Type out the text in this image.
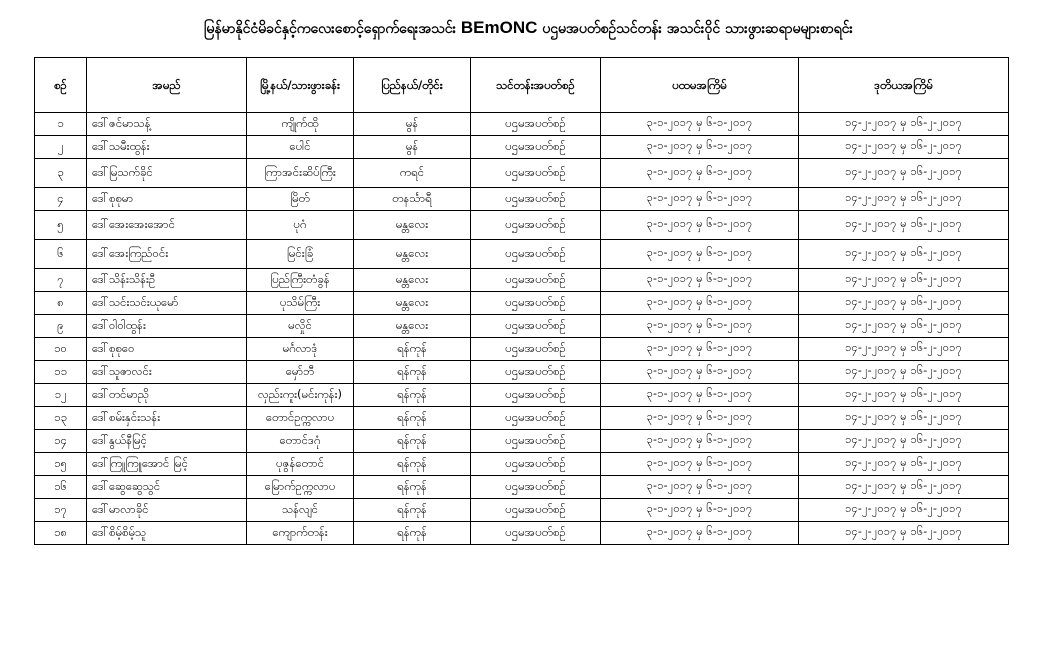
မြန်မာနိုင်ငံမိခင်နှင့်ကလေးစောင့်ရှောက်ရေးအသင်း BEmONC ပဌမအပတ်စဉ်သင်တန်း အသင်းဝိုင် သားဖွားဆရာမများစာရင်း
စဉ်	အမည်	မြို့နယ်/သားဖွားခန်း	ပြည်နယ်/တိုင်း	သင်တန်းအပတ်စဉ်	ပထမအကြိမ်	ဒုတိယအကြိမ်
၁	ဒေါ်ဇင်မာသန့်	ကျိုက်ထို	မွန်	ပဌမအပတ်စဉ်	၃-၁-၂၀၁၇ မှ ၆-၁-၂၀၁၇	၁၄-၂-၂၀၁၇ မှ ၁၆-၂-၂၀၁၇
၂	ဒေါ်သမီးထွန်း	ပေါင်	မွန်	ပဌမအပတ်စဉ်	၃-၁-၂၀၁၇ မှ ၆-၁-၂၀၁၇	၁၄-၂-၂၀၁၇ မှ ၁၆-၂-၂၀၁၇
၃	ဒေါ်မြသက်ခိုင်	ကြာအင်းဆိပ်ကြီး	ကရင်	ပဌမအပတ်စဉ်	၃-၁-၂၀၁၇ မှ ၆-၁-၂၀၁၇	၁၄-၂-၂၀၁၇ မှ ၁၆-၂-၂၀၁၇
၄	ဒေါ်စုစုမာ	မြိတ်	တနင်္သာရီ	ပဌမအပတ်စဉ်	၃-၁-၂၀၁၇ မှ ၆-၁-၂၀၁၇	၁၄-၂-၂၀၁၇ မှ ၁၆-၂-၂၀၁၇
၅	ဒေါ်အေးအေးအောင်	ပုဂံ	မန္တလေး	ပဌမအပတ်စဉ်	၃-၁-၂၀၁၇ မှ ၆-၁-၂၀၁၇	၁၄-၂-၂၀၁၇ မှ ၁၆-၂-၂၀၁၇
၆	ဒေါ်အေးကြည်ဝင်း	မြင်းခြံ	မန္တလေး	ပဌမအပတ်စဉ်	၃-၁-၂၀၁၇ မှ ၆-၁-၂၀၁၇	၁၄-၂-၂၀၁၇ မှ ၁၆-၂-၂၀၁၇
၇	ဒေါ်သိန်းသိန်းဦ	ပြည်ကြီးတံခွန်	မန္တလေး	ပဌမအပတ်စဉ်	၃-၁-၂၀၁၇ မှ ၆-၁-၂၀၁၇	၁၄-၂-၂၀၁၇ မှ ၁၆-၂-၂၀၁၇
၈	ဒေါ်သင်းသင်းယုမော်	ပုသိမ်ကြီး	မန္တလေး	ပဌမအပတ်စဉ်	၃-၁-၂၀၁၇ မှ ၆-၁-၂၀၁၇	၁၄-၂-၂၀၁၇ မှ ၁၆-၂-၂၀၁၇
၉	ဒေါ်ဝါဝါထွန်း	မလှိုင်	မန္တလေး	ပဌမအပတ်စဉ်	၃-၁-၂၀၁၇ မှ ၆-၁-၂၀၁၇	၁၄-၂-၂၀၁၇ မှ ၁၆-၂-၂၀၁၇
၁၀	ဒေါ်စုစုဝေ	မင်္ဂလာဒုံ	ရန်ကုန်	ပဌမအပတ်စဉ်	၃-၁-၂၀၁၇ မှ ၆-၁-၂၀၁၇	၁၄-၂-၂၀၁၇ မှ ၁၆-၂-၂၀၁၇
၁၁	ဒေါ်သူဇာလင်း	မှော်ဘီ	ရန်ကုန်	ပဌမအပတ်စဉ်	၃-၁-၂၀၁၇ မှ ၆-၁-၂၀၁၇	၁၄-၂-၂၀၁၇ မှ ၁၆-၂-၂၀၁၇
၁၂	ဒေါ်တင်မာညို	လှည်းကူး(မင်းကုန်း)	ရန်ကုန်	ပဌမအပတ်စဉ်	၃-၁-၂၀၁၇ မှ ၆-၁-၂၀၁၇	၁၄-၂-၂၀၁၇ မှ ၁၆-၂-၂၀၁၇
၁၃	ဒေါ်စမ်းနှင်းသန်း	တောင်ဥက္ကလာပ	ရန်ကုန်	ပဌမအပတ်စဉ်	၃-၁-၂၀၁၇ မှ ၆-၁-၂၀၁၇	၁၄-၂-၂၀၁၇ မှ ၁၆-၂-၂၀၁၇
၁၄	ဒေါ်နွယ်နီမြင့်	တောင်ဒဂုံ	ရန်ကုန်	ပဌမအပတ်စဉ်	၃-၁-၂၀၁၇ မှ ၆-၁-၂၀၁၇	၁၄-၂-၂၀၁၇ မှ ၁၆-၂-၂၀၁၇
၁၅	ဒေါ်ကြူကြူအောင် မြင့်	ပုဇွန်တောင်	ရန်ကုန်	ပဌမအပတ်စဉ်	၃-၁-၂၀၁၇ မှ ၆-၁-၂၀၁၇	၁၄-၂-၂၀၁၇ မှ ၁၆-၂-၂၀၁၇
၁၆	ဒေါ်ဆွေဆွေသွင်	မြောက်ဥက္ကလာပ	ရန်ကုန်	ပဌမအပတ်စဉ်	၃-၁-၂၀၁၇ မှ ၆-၁-၂၀၁၇	၁၄-၂-၂၀၁၇ မှ ၁၆-၂-၂၀၁၇
၁၇	ဒေါ်မာလာခိုင်	သန်လျင်	ရန်ကုန်	ပဌမအပတ်စဉ်	၃-၁-၂၀၁၇ မှ ၆-၁-၂၀၁၇	၁၄-၂-၂၀၁၇ မှ ၁၆-၂-၂၀၁၇
၁၈	ဒေါ်စိမ့်စိမ့်သူ	ကျောက်တန်း	ရန်ကုန်	ပဌမအပတ်စဉ်	၃-၁-၂၀၁၇ မှ ၆-၁-၂၀၁၇	၁၄-၂-၂၀၁၇ မှ ၁၆-၂-၂၀၁၇
